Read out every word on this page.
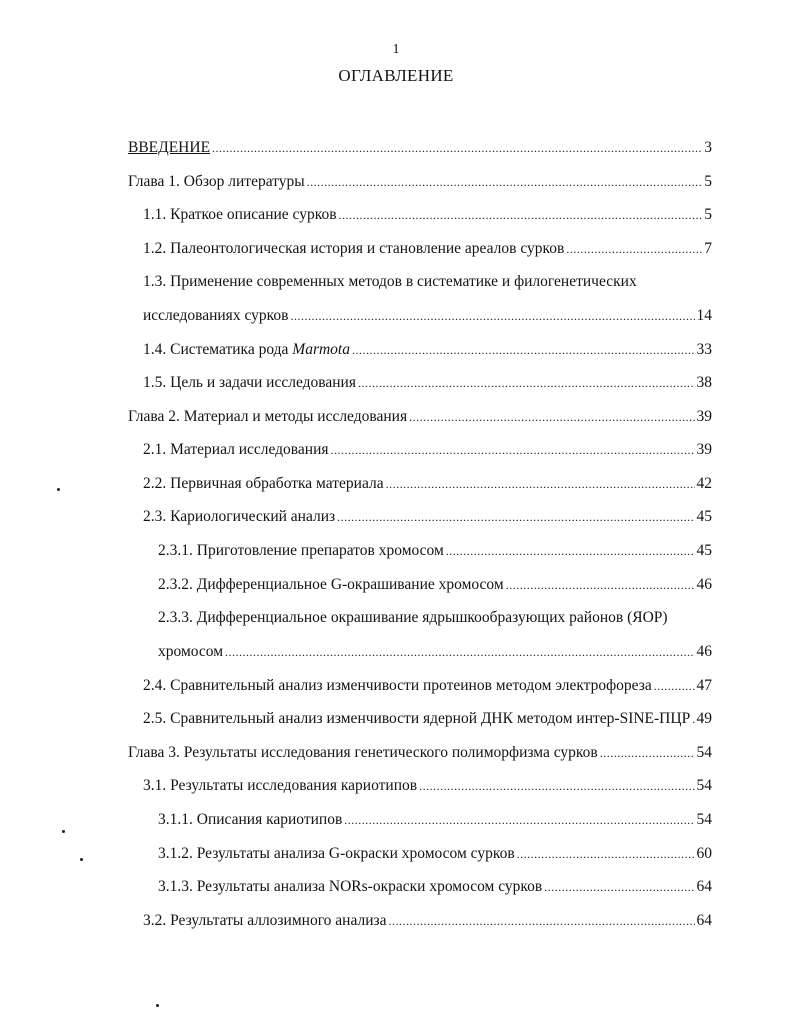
1
ОГЛАВЛЕНИЕ
ВВЕДЕНИЕ .....	3
Глава 1. Обзор литературы .....	5
1.1. Краткое описание сурков .....	5
1.2. Палеонтологическая история и становление ареалов сурков .....	7
1.3. Применение современных методов в систематике и филогенетических
исследованиях сурков .....	14
1.4. Систематика рода Marmota .....	33
1.5. Цель и задачи исследования .....	38
Глава 2. Материал и методы исследования .....	39
2.1. Материал исследования .....	39
2.2. Первичная обработка материала .....	42
2.3. Кариологический анализ .....	45
2.3.1. Приготовление препаратов хромосом .....	45
2.3.2. Дифференциальное G-окрашивание хромосом .....	46
2.3.3. Дифференциальное окрашивание ядрышкообразующих районов (ЯОР)
хромосом .....	46
2.4. Сравнительный анализ изменчивости протеинов методом электрофореза .....	47
2.5. Сравнительный анализ изменчивости ядерной ДНК методом интер-SINE-ПЦР ..... 49
Глава 3. Результаты исследования генетического полиморфизма сурков .....	54
3.1. Результаты исследования кариотипов .....	54
3.1.1. Описания кариотипов .....	54
3.1.2. Результаты анализа G-окраски хромосом сурков .....	60
3.1.3. Результаты анализа NORs-окраски хромосом сурков .....	64
3.2. Результаты аллозимного анализа .....	64
